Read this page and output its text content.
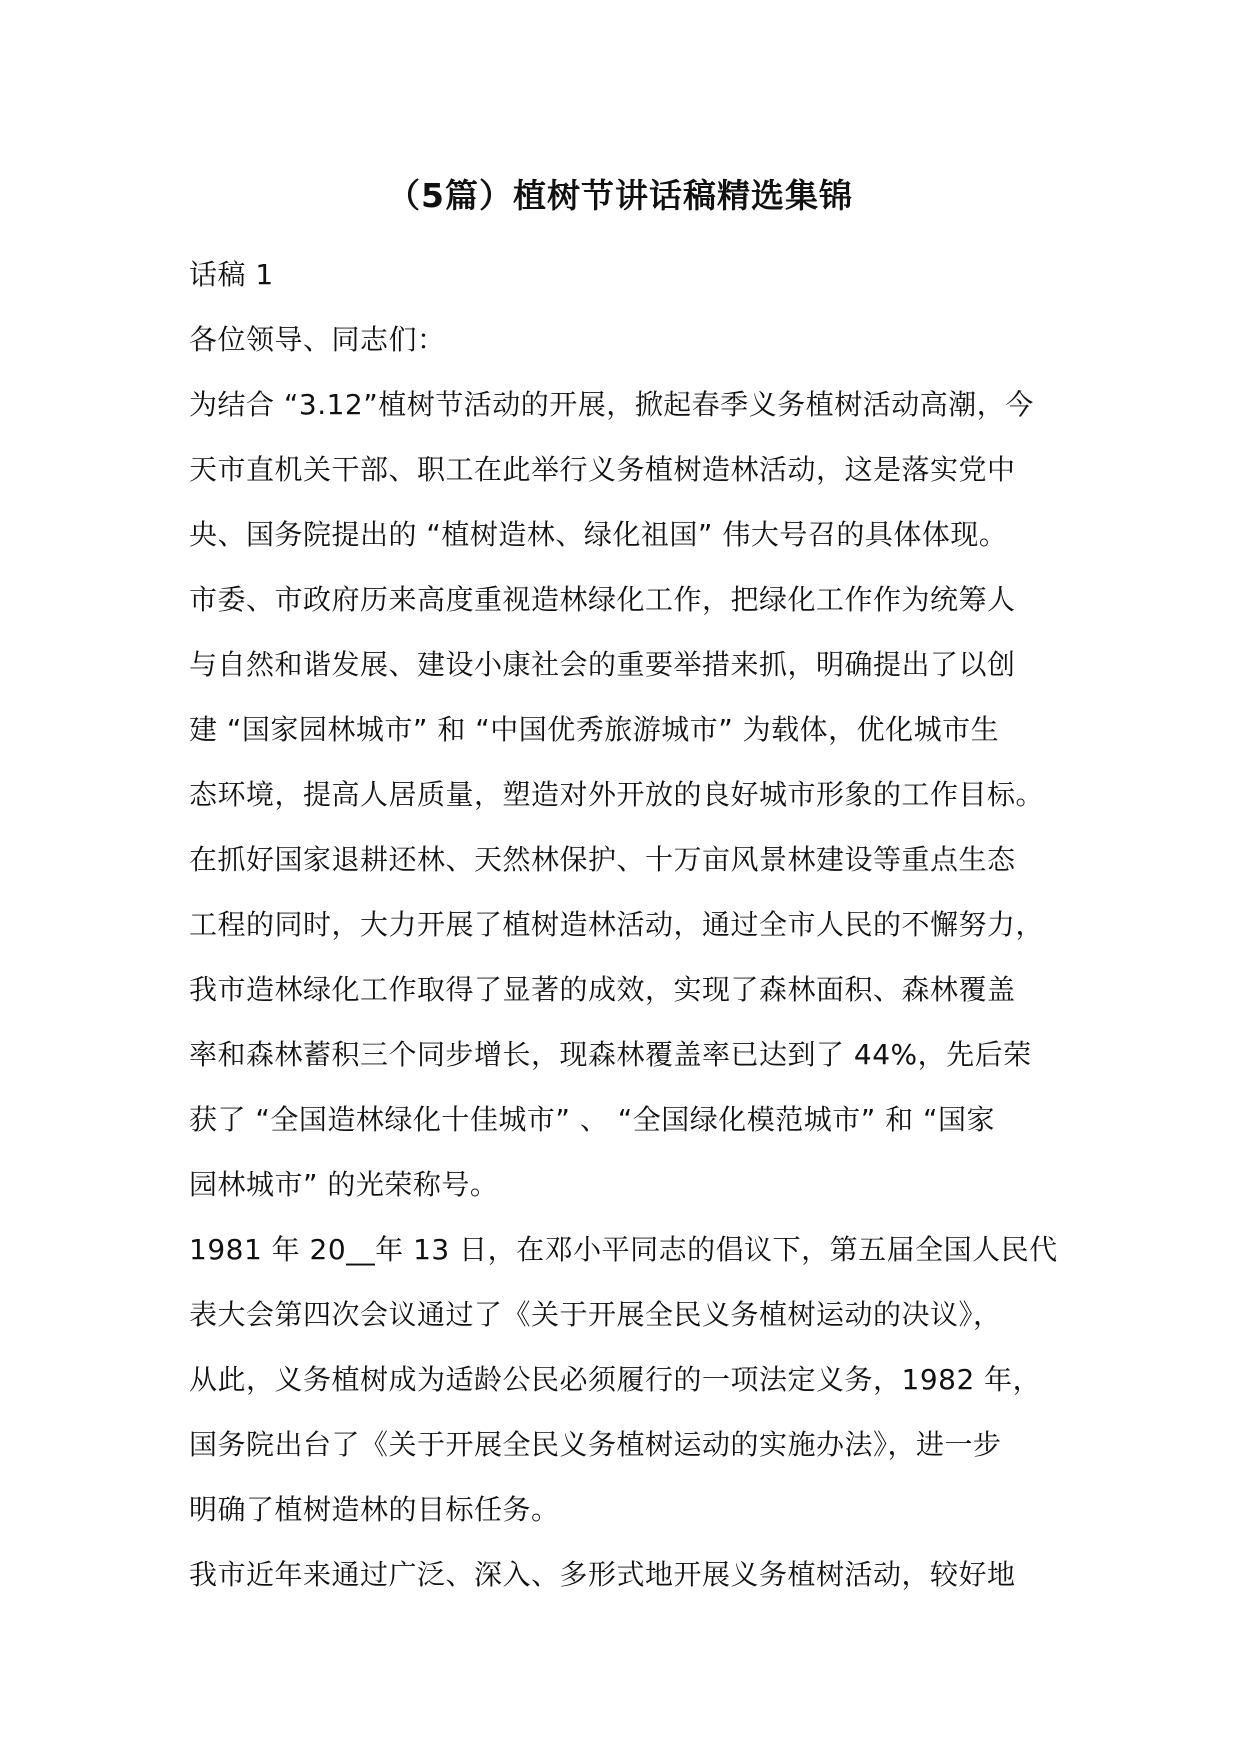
（5篇）植树节讲话稿精选集锦
话稿 1
各位领导、同志们：
为结合 “3.12”植树节活动的开展，掀起春季义务植树活动高潮，今
天市直机关干部、职工在此举行义务植树造林活动，这是落实党中
央、国务院提出的 “植树造林、绿化祖国” 伟大号召的具体体现。
市委、市政府历来高度重视造林绿化工作，把绿化工作作为统筹人
与自然和谐发展、建设小康社会的重要举措来抓，明确提出了以创
建 “国家园林城市” 和 “中国优秀旅游城市” 为载体，优化城市生
态环境，提高人居质量，塑造对外开放的良好城市形象的工作目标。
在抓好国家退耕还林、天然林保护、十万亩风景林建设等重点生态
工程的同时，大力开展了植树造林活动，通过全市人民的不懈努力，
我市造林绿化工作取得了显著的成效，实现了森林面积、森林覆盖
率和森林蓄积三个同步增长，现森林覆盖率已达到了 44%，先后荣
获了 “全国造林绿化十佳城市” 、 “全国绿化模范城市” 和 “国家
园林城市” 的光荣称号。
1981 年 20__年 13 日，在邓小平同志的倡议下，第五届全国人民代
表大会第四次会议通过了《关于开展全民义务植树运动的决议》，
从此，义务植树成为适龄公民必须履行的一项法定义务，1982 年，
国务院出台了《关于开展全民义务植树运动的实施办法》，进一步
明确了植树造林的目标任务。
我市近年来通过广泛、深入、多形式地开展义务植树活动，较好地
